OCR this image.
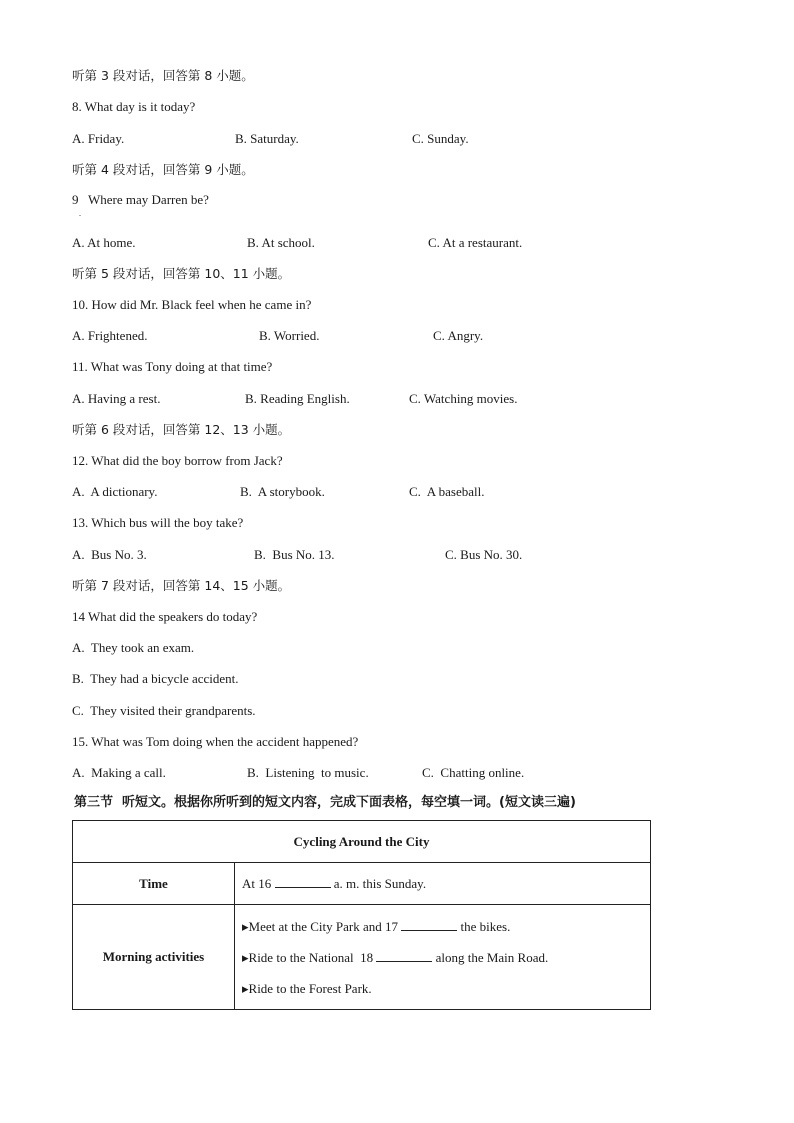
听第 3 段对话，回答第 8 小题。
8. What day is it today?
A. Friday.	B. Saturday.	C. Sunday.
听第 4 段对话，回答第 9 小题。
9   Where may Darren be?
.
A. At home.	B. At school.	C. At a restaurant.
听第 5 段对话，回答第 10、11 小题。
10. How did Mr. Black feel when he came in?
A. Frightened.	B. Worried.	C. Angry.
11. What was Tony doing at that time?
A. Having a rest.	B. Reading English.	C. Watching movies.
听第 6 段对话，回答第 12、13 小题。
12. What did the boy borrow from Jack?
A.  A dictionary.	B.  A storybook.	C.  A baseball.
13. Which bus will the boy take?
A.  Bus No. 3.	B.  Bus No. 13.	C. Bus No. 30.
听第 7 段对话，回答第 14、15 小题。
14 What did the speakers do today?
A.  They took an exam.
B.  They had a bicycle accident.
C.  They visited their grandparents.
15. What was Tom doing when the accident happened?
A.  Making a call.	B.  Listening  to music.	C.  Chatting online.
第三节  听短文。根据你所听到的短文内容，完成下面表格，每空填一词。(短文读三遍)
Cycling Around the City	
Time	At 16 a. m. this Sunday.
Morning activities	▸Meet at the City Park and 17 the bikes.
▸Ride to the National  18 along the Main Road.
▸Ride to the Forest Park.
